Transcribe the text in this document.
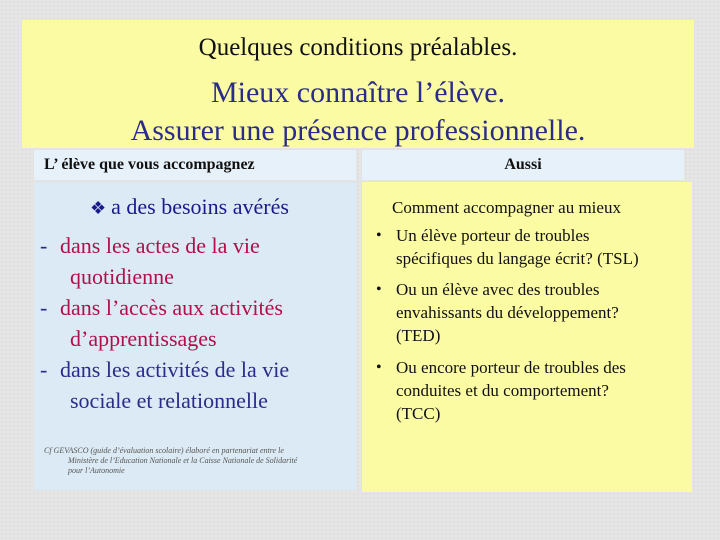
Quelques conditions préalables.
Mieux connaître l’élève.
Assurer une présence professionnelle.
L’ élève que vous accompagnez	Aussi
❖ a des besoins avérés
- dans les actes de la vie
quotidienne
- dans l’accès aux activités
d’apprentissages
- dans les activités de la vie
sociale et relationnelle
Cf GEVASCO (guide d’évaluation scolaire) élaboré en partenariat entre le
Ministère de l’Education Nationale et la Caisse Nationale de Solidarité
pour l’Autonomie
Comment accompagner au mieux
• Un élève porteur de troubles
spécifiques du langage écrit? (TSL)
• Ou un élève avec des troubles
envahissants du développement?
(TED)
• Ou encore porteur de troubles des
conduites et du comportement?
(TCC)
